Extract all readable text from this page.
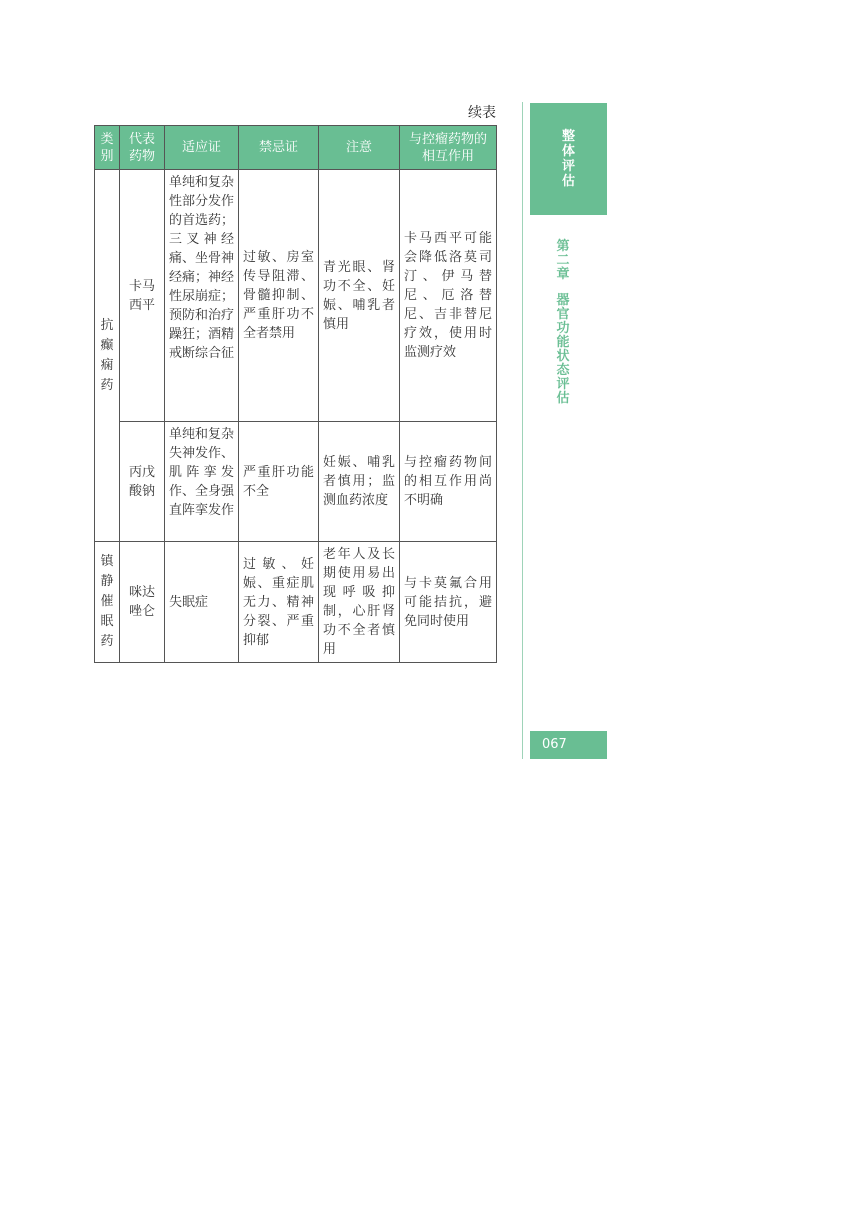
续表
类别	代表药物	适应证	禁忌证	注意	与控瘤药物的相互作用

抗癫痫药	卡马西平	单纯和复杂性部分发作的首选药；三叉神经痛、坐骨神经痛；神经性尿崩症；预防和治疗躁狂；酒精戒断综合征	过敏、房室传导阻滞、骨髓抑制、严重肝功不全者禁用	青光眼、肾功不全、妊娠、哺乳者慎用	卡马西平可能会降低洛莫司汀、伊马替尼、厄洛替尼、吉非替尼疗效，使用时监测疗效

	丙戊酸钠	单纯和复杂失神发作、肌阵挛发作、全身强直阵挛发作	严重肝功能不全	妊娠、哺乳者慎用；监测血药浓度	与控瘤药物间的相互作用尚不明确

镇静催眠药	咪达唑仑	失眠症	过敏、妊娠、重症肌无力、精神分裂、严重抑郁	老年人及长期使用易出现呼吸抑制，心肝肾功不全者慎用	与卡莫氟合用可能拮抗，避免同时使用
整体评估
第二章
器官功能状态评估
067
